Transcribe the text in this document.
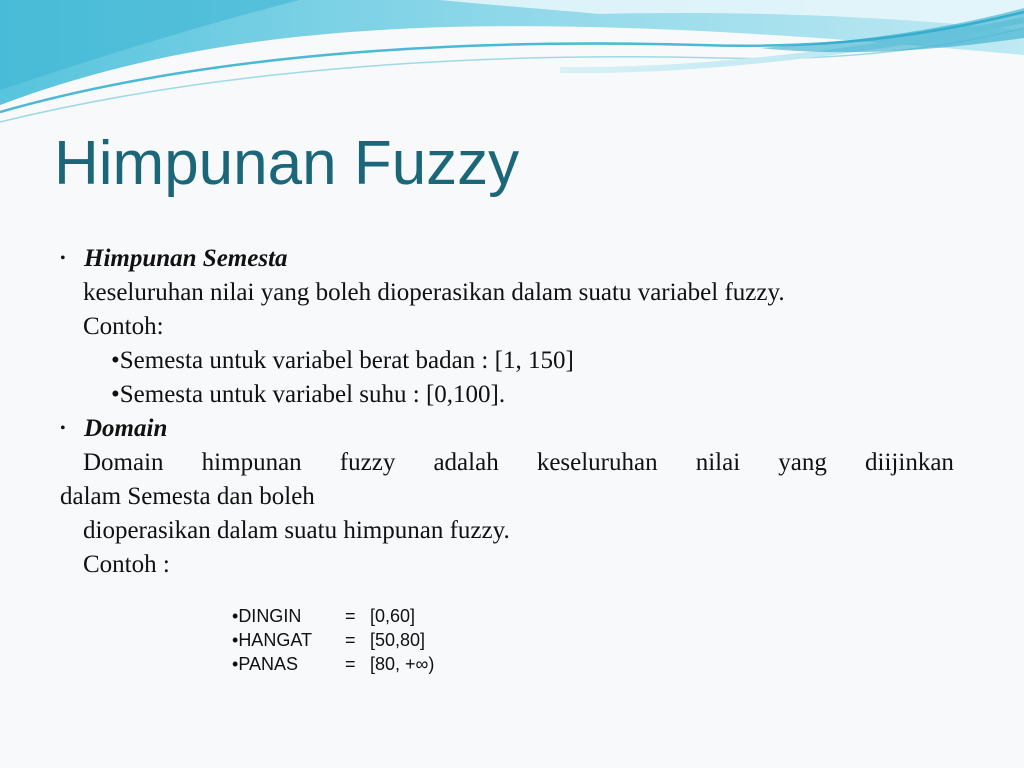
Himpunan Fuzzy
• Himpunan Semesta
keseluruhan nilai yang boleh dioperasikan dalam suatu variabel fuzzy.
Contoh:
•Semesta untuk variabel berat badan : [1, 150]
•Semesta untuk variabel suhu : [0,100].
• Domain
Domain himpunan fuzzy adalah keseluruhan nilai yang diijinkan
dalam Semesta dan boleh
dioperasikan dalam suatu himpunan fuzzy.
Contoh :
•DINGIN	= [0,60]
•HANGAT	= [50,80]
•PANAS	= [80, +∞)
